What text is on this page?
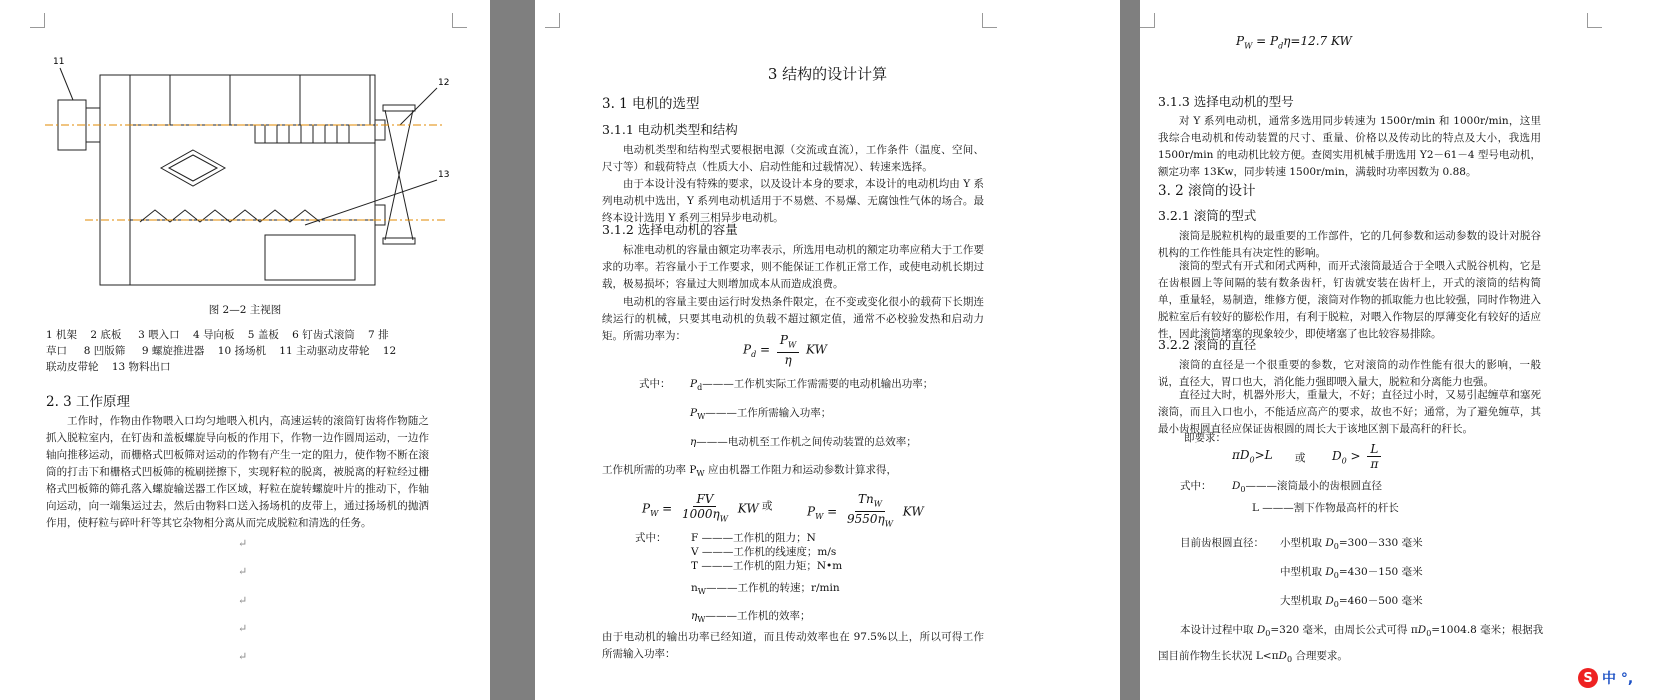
11
12
13
图 2—2 主视图
1 机架    2 底板     3 喂入口    4 导向板    5 盖板    6 钉齿式滚筒    7 排
草口     8 凹版筛     9 螺旋推进器    10 扬场机    11 主动驱动皮带轮    12
联动皮带轮    13 物料出口
2. 3 工作原理
工作时，作物由作物喂入口均匀地喂入机内，高速运转的滚筒钉齿将作物随之抓入脱粒室内，在钉齿和盖板螺旋导向板的作用下，作物一边作圆周运动，一边作轴向推移运动，而栅格式凹板筛对运动的作物有产生一定的阻力，使作物不断在滚筒的打击下和栅格式凹板筛的梳刷搓擦下，实现籽粒的脱离，被脱离的籽粒经过栅格式凹板筛的筛孔落入螺旋输送器工作区域，籽粒在旋转螺旋叶片的推动下，作轴向运动，向一端集运过去，然后由物料口送入扬场机的皮带上，通过扬场机的抛洒作用，使籽粒与碎叶秆等其它杂物相分离从而完成脱粒和清选的任务。
↵
↵
↵
↵
↵
3 结构的设计计算
3. 1 电机的选型
3.1.1 电动机类型和结构
电动机类型和结构型式要根据电源（交流或直流），工作条件（温度、空间、尺寸等）和载荷特点（性质大小、启动性能和过载情况）、转速来选择。
由于本设计没有特殊的要求，以及设计本身的要求，本设计的电动机均由 Y 系列电动机中选出，Y 系列电动机适用于不易燃、不易爆、无腐蚀性气体的场合。最终本设计选用 Y 系列三相异步电动机。
3.1.2 选择电动机的容量
标准电动机的容量由额定功率表示，所选用电动机的额定功率应稍大于工作要求的功率。若容量小于工作要求，则不能保证工作机正常工作，或使电动机长期过载，极易损坏；容量过大则增加成本从而造成浪费。
电动机的容量主要由运行时发热条件限定，在不变或变化很小的载荷下长期连续运行的机械，只要其电动机的负载不超过额定值，通常不必校验发热和启动力矩。所需功率为：
$P_d = \frac{P_W}{\eta}$ KW
式中： $P_d———$工作机实际工作需需要的电动机输出功率；
$P_W———$工作所需输入功率；
η———电动机至工作机之间传动装置的总效率；
工作机所需的功率 $P_W$ 应由机器工作阻力和运动参数计算求得，
$P_W = \frac{FV}{1000\eta_W}$ KW 或	$P_W = \frac{Tn_W}{9550\eta_W}$ KW
式中： F ———工作机的阻力；N
V ———工作机的线速度；m/s
T ———工作机的阻力矩；N•m
$n_W———$工作机的转速；r/min
$\eta_W———$工作机的效率；
由于电动机的输出功率已经知道，而且传动效率也在 97.5%以上，所以可得工作所需输入功率：
$P_W = P_d\eta=12.7$ KW
3.1.3 选择电动机的型号
对 Y 系列电动机，通常多选用同步转速为 1500r/min 和 1000r/min，这里我综合电动机和传动装置的尺寸、重量、价格以及传动比的特点及大小，我选用 1500r/min 的电动机比较方便。查阅实用机械手册选用 Y2－61－4 型号电动机，额定功率 13Kw，同步转速 1500r/min，满载时功率因数为 0.88。
3. 2 滚筒的设计
3.2.1 滚筒的型式
滚筒是脱粒机构的最重要的工作部件，它的几何参数和运动参数的设计对脱谷机构的工作性能具有决定性的影响。
滚筒的型式有开式和闭式两种，而开式滚筒最适合于全喂入式脱谷机构，它是在齿根圆上等间隔的装有数条齿杆，钉齿就安装在齿杆上，开式的滚筒的结构简单，重量轻，易制造，维修方便，滚筒对作物的抓取能力也比较强，同时作物进入脱粒室后有较好的膨松作用，有利于脱粒，对喂入作物层的厚薄变化有较好的适应性，因此滚筒堵塞的现象较少，即使堵塞了也比较容易排除。
3.2.2 滚筒的直径
滚筒的直径是一个很重要的参数，它对滚筒的动作性能有很大的影响，一般说，直径大，胃口也大，消化能力强即喂入量大，脱粒和分离能力也强。
直径过大时，机器外形大，重量大，不好；直径过小时，又易引起缠草和塞死滚筒，而且入口也小，不能适应高产的要求，故也不好；通常，为了避免缠草，其最小齿根圆直径应保证齿根圆的周长大于该地区割下最高秆的秆长。
即要求：
$\pi D_0>L$ 或 $D_0 > \frac{L}{\pi}$
式中： $D_0———$滚筒最小的齿根圆直径
L ———割下作物最高杆的杆长
目前齿根圆直径： 小型机取 $D_0=300-330$ 毫米
中型机取 $D_0=430-150$ 毫米
大型机取 $D_0=460-500$ 毫米
本设计过程中取 $D_0=320$ 毫米，由周长公式可得 $\pi D_0=1004.8$ 毫米；根据我
国目前作物生长状况 $L<\pi D_0$ 合理要求。
S 中 °,
